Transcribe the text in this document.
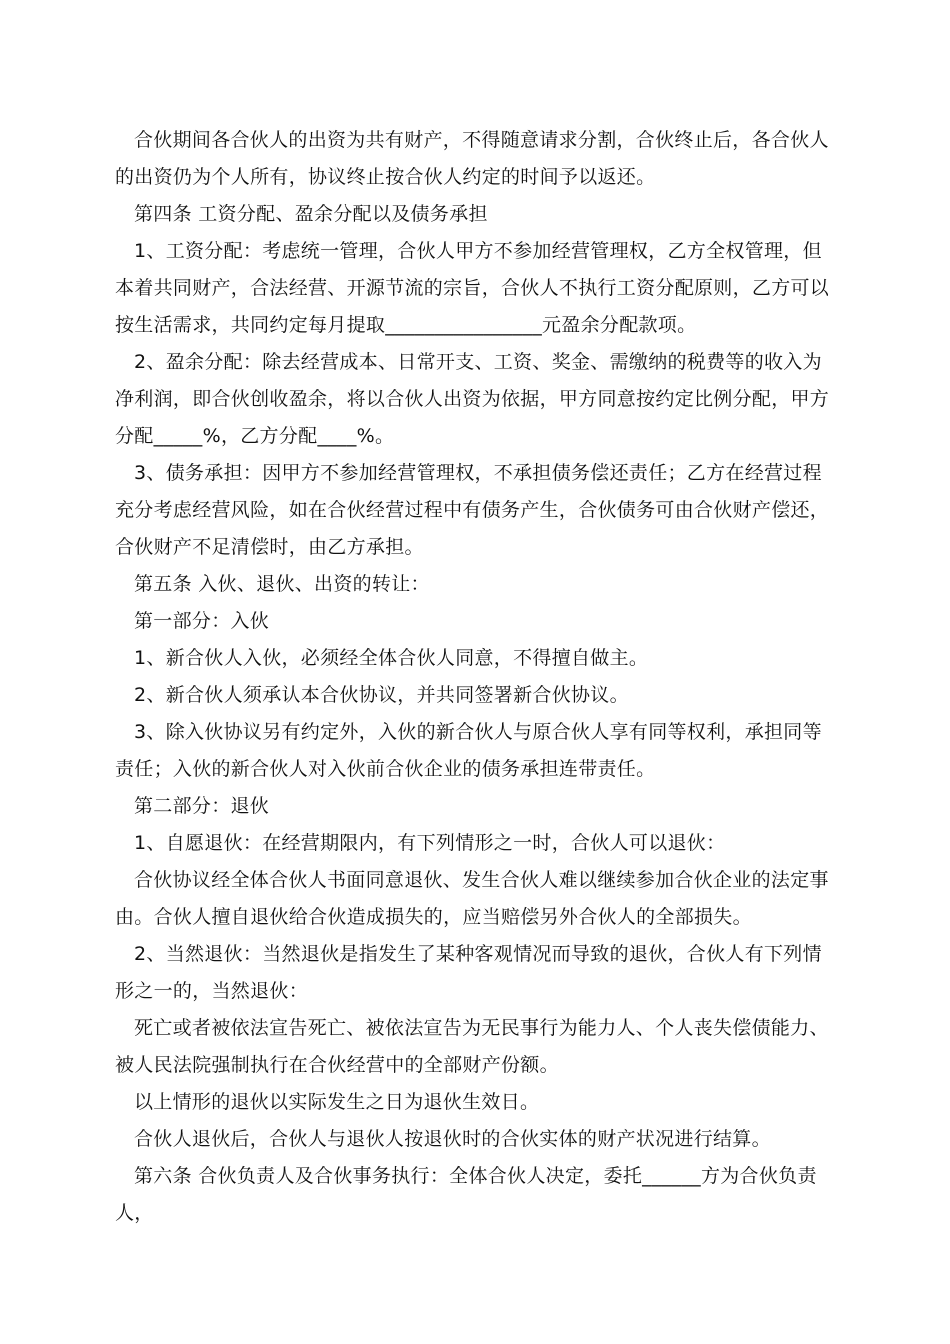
合伙期间各合伙人的出资为共有财产，不得随意请求分割，合伙终止后，各合伙人的出资仍为个人所有，协议终止按合伙人约定的时间予以返还。

第四条 工资分配、盈余分配以及债务承担

1、工资分配：考虑统一管理，合伙人甲方不参加经营管理权，乙方全权管理，但本着共同财产，合法经营、开源节流的宗旨，合伙人不执行工资分配原则，乙方可以按生活需求，共同约定每月提取________________元盈余分配款项。

2、盈余分配：除去经营成本、日常开支、工资、奖金、需缴纳的税费等的收入为净利润，即合伙创收盈余，将以合伙人出资为依据，甲方同意按约定比例分配，甲方分配_____%，乙方分配____%。

3、债务承担：因甲方不参加经营管理权，不承担债务偿还责任；乙方在经营过程充分考虑经营风险，如在合伙经营过程中有债务产生，合伙债务可由合伙财产偿还，合伙财产不足清偿时，由乙方承担。

第五条 入伙、退伙、出资的转让：

第一部分：入伙

1、新合伙人入伙，必须经全体合伙人同意，不得擅自做主。

2、新合伙人须承认本合伙协议，并共同签署新合伙协议。

3、除入伙协议另有约定外，入伙的新合伙人与原合伙人享有同等权利，承担同等责任；入伙的新合伙人对入伙前合伙企业的债务承担连带责任。

第二部分：退伙

1、自愿退伙：在经营期限内，有下列情形之一时，合伙人可以退伙：

合伙协议经全体合伙人书面同意退伙、发生合伙人难以继续参加合伙企业的法定事由。合伙人擅自退伙给合伙造成损失的，应当赔偿另外合伙人的全部损失。

2、当然退伙：当然退伙是指发生了某种客观情况而导致的退伙，合伙人有下列情形之一的，当然退伙：

死亡或者被依法宣告死亡、被依法宣告为无民事行为能力人、个人丧失偿债能力、被人民法院强制执行在合伙经营中的全部财产份额。

以上情形的退伙以实际发生之日为退伙生效日。

合伙人退伙后，合伙人与退伙人按退伙时的合伙实体的财产状况进行结算。

第六条 合伙负责人及合伙事务执行：全体合伙人决定，委托______方为合伙负责人，
